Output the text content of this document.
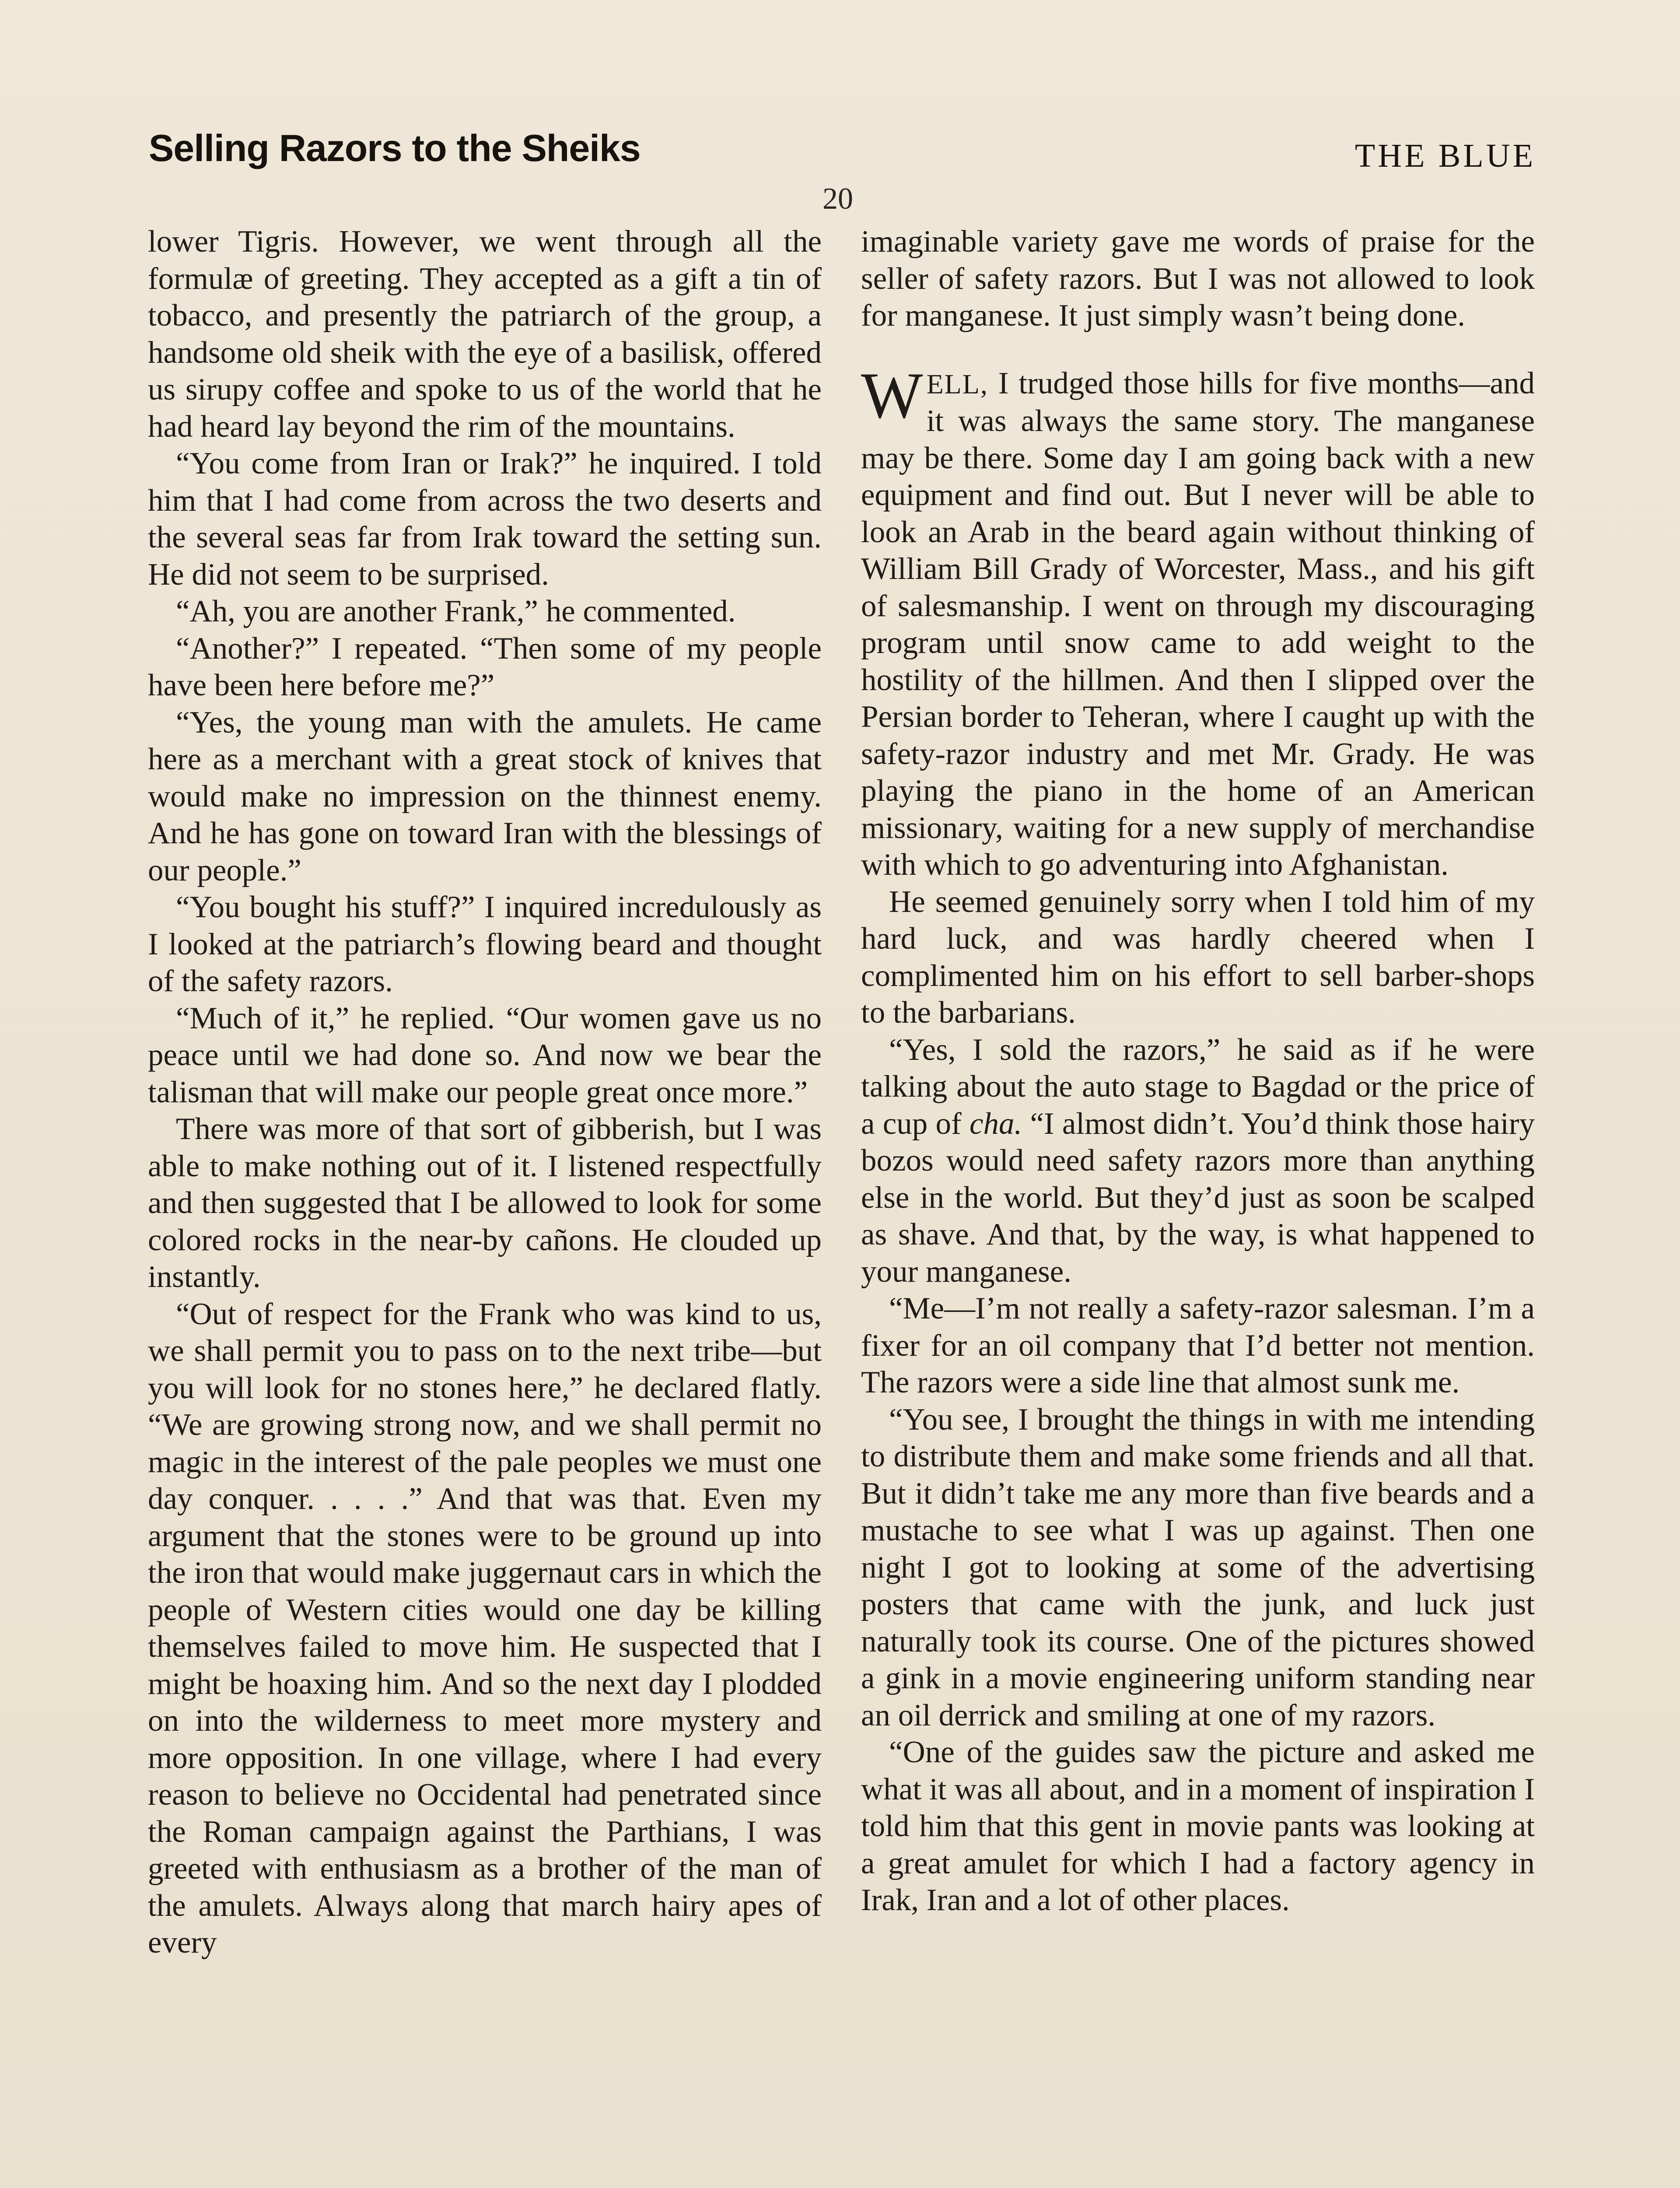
Selling Razors to the Sheiks	THE BLUE
20

lower Tigris. However, we went through all the formulæ of greeting. They accepted as a gift a tin of tobacco, and presently the patriarch of the group, a handsome old sheik with the eye of a basilisk, offered us sirupy coffee and spoke to us of the world that he had heard lay beyond the rim of the mountains.

“You come from Iran or Irak?” he inquired. I told him that I had come from across the two deserts and the several seas far from Irak toward the setting sun. He did not seem to be surprised.

“Ah, you are another Frank,” he commented.

“Another?” I repeated. “Then some of my people have been here before me?”

“Yes, the young man with the amulets. He came here as a merchant with a great stock of knives that would make no impression on the thinnest enemy. And he has gone on toward Iran with the blessings of our people.”

“You bought his stuff?” I inquired incredulously as I looked at the patriarch’s flowing beard and thought of the safety razors.

“Much of it,” he replied. “Our women gave us no peace until we had done so. And now we bear the talisman that will make our people great once more.”

There was more of that sort of gibberish, but I was able to make nothing out of it. I listened respectfully and then suggested that I be allowed to look for some colored rocks in the near-by cañons. He clouded up instantly.

“Out of respect for the Frank who was kind to us, we shall permit you to pass on to the next tribe—but you will look for no stones here,” he declared flatly. “We are growing strong now, and we shall permit no magic in the interest of the pale peoples we must one day conquer. . . . .” And that was that. Even my argument that the stones were to be ground up into the iron that would make juggernaut cars in which the people of Western cities would one day be killing themselves failed to move him. He suspected that I might be hoaxing him. And so the next day I plodded on into the wilderness to meet more mystery and more opposition. In one village, where I had every reason to believe no Occidental had penetrated since the Roman campaign against the Parthians, I was greeted with enthusiasm as a brother of the man of the amulets. Always along that march hairy apes of every

imaginable variety gave me words of praise for the seller of safety razors. But I was not allowed to look for manganese. It just simply wasn’t being done.

WELL, I trudged those hills for five months—and it was always the same story. The manganese may be there. Some day I am going back with a new equipment and find out. But I never will be able to look an Arab in the beard again without thinking of William Bill Grady of Worcester, Mass., and his gift of salesmanship. I went on through my discouraging program until snow came to add weight to the hostility of the hillmen. And then I slipped over the Persian border to Teheran, where I caught up with the safety-razor industry and met Mr. Grady. He was playing the piano in the home of an American missionary, waiting for a new supply of merchandise with which to go adventuring into Afghanistan.

He seemed genuinely sorry when I told him of my hard luck, and was hardly cheered when I complimented him on his effort to sell barber-shops to the barbarians.

“Yes, I sold the razors,” he said as if he were talking about the auto stage to Bagdad or the price of a cup of cha. “I almost didn’t. You’d think those hairy bozos would need safety razors more than anything else in the world. But they’d just as soon be scalped as shave. And that, by the way, is what happened to your manganese.

“Me—I’m not really a safety-razor salesman. I’m a fixer for an oil company that I’d better not mention. The razors were a side line that almost sunk me.

“You see, I brought the things in with me intending to distribute them and make some friends and all that. But it didn’t take me any more than five beards and a mustache to see what I was up against. Then one night I got to looking at some of the advertising posters that came with the junk, and luck just naturally took its course. One of the pictures showed a gink in a movie engineering uniform standing near an oil derrick and smiling at one of my razors.

“One of the guides saw the picture and asked me what it was all about, and in a moment of inspiration I told him that this gent in movie pants was looking at a great amulet for which I had a factory agency in Irak, Iran and a lot of other places.
